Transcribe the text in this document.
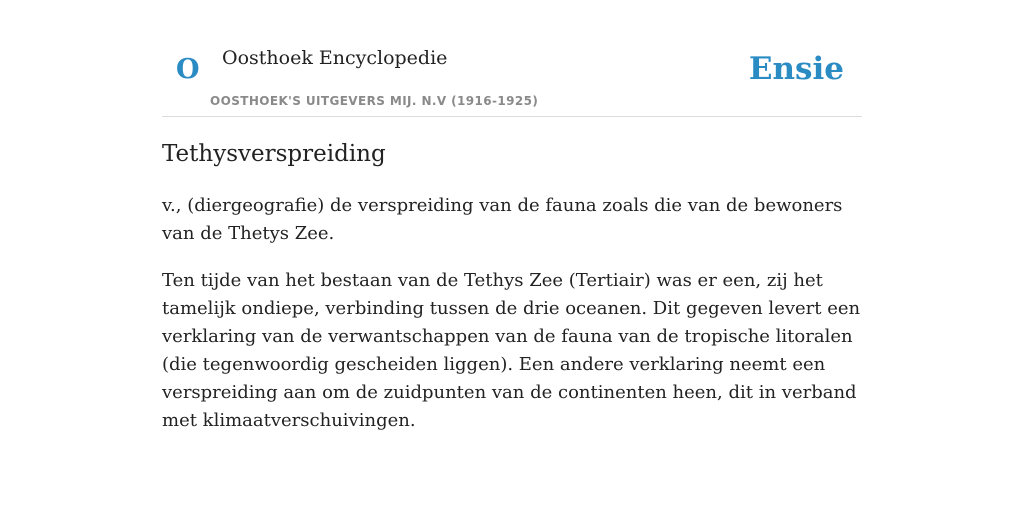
O Oosthoek Encyclopedie
OOSTHOEK'S UITGEVERS MIJ. N.V (1916-1925)
Ensie
Tethysverspreiding

v., (diergeografie) de verspreiding van de fauna zoals die van de bewoners van de Thetys Zee.

Ten tijde van het bestaan van de Tethys Zee (Tertiair) was er een, zij het tamelijk ondiepe, verbinding tussen de drie oceanen. Dit gegeven levert een verklaring van de verwantschappen van de fauna van de tropische litoralen (die tegenwoordig gescheiden liggen). Een andere verklaring neemt een verspreiding aan om de zuidpunten van de continenten heen, dit in verband met klimaatverschuivingen.
